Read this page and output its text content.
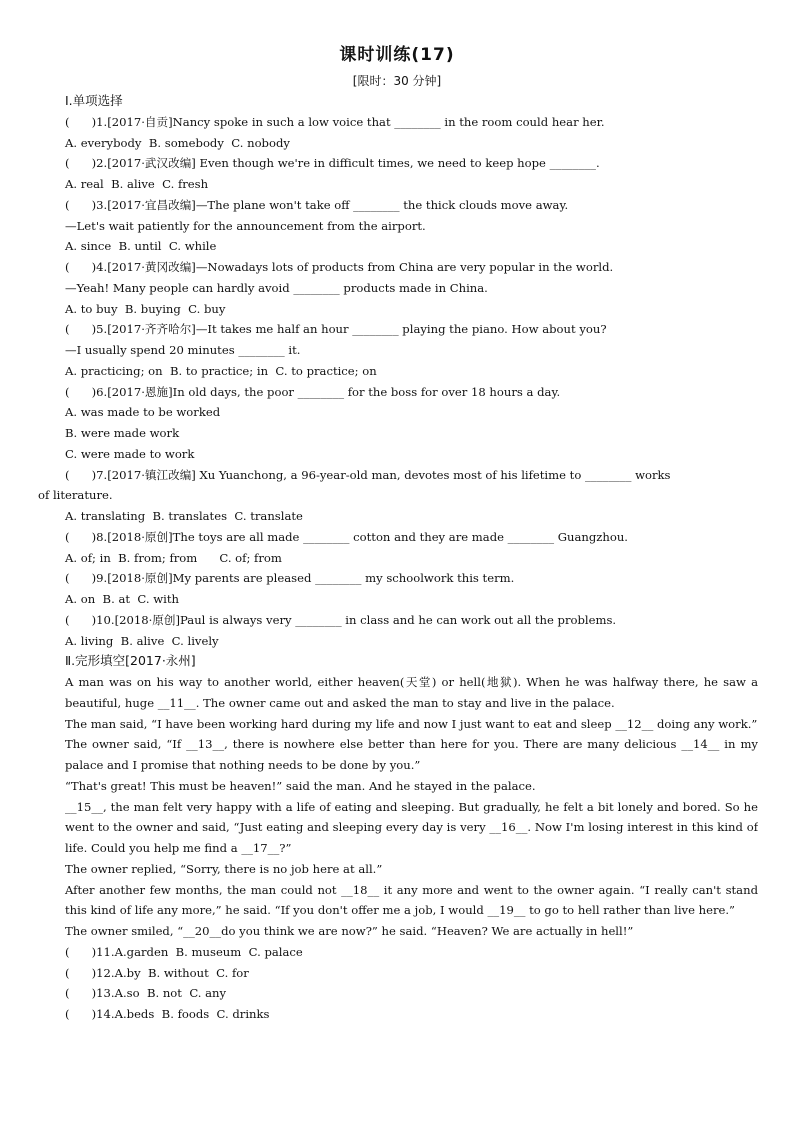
课时训练(17)
[限时：30 分钟]
Ⅰ.单项选择
(      )1.[2017·自贡]Nancy spoke in such a low voice that ________ in the room could hear her.
A. everybody  B. somebody  C. nobody
(      )2.[2017·武汉改编] Even though we're in difficult times, we need to keep hope ________.
A. real  B. alive  C. fresh
(      )3.[2017·宜昌改编]—The plane won't take off ________ the thick clouds move away.
—Let's wait patiently for the announcement from the airport.
A. since  B. until  C. while
(      )4.[2017·黄冈改编]—Nowadays lots of products from China are very popular in the world.
—Yeah! Many people can hardly avoid ________ products made in China.
A. to buy  B. buying  C. buy
(      )5.[2017·齐齐哈尔]—It takes me half an hour ________ playing the piano. How about you?
—I usually spend 20 minutes ________ it.
A. practicing; on  B. to practice; in  C. to practice; on
(      )6.[2017·恩施]In old days, the poor ________ for the boss for over 18 hours a day.
A. was made to be worked
B. were made work
C. were made to work
(      )7.[2017·镇江改编] Xu Yuanchong, a 96-year-old man, devotes most of his lifetime to ________ works
of literature.
A. translating  B. translates  C. translate
(      )8.[2018·原创]The toys are all made ________ cotton and they are made ________ Guangzhou.
A. of; in  B. from; from      C. of; from
(      )9.[2018·原创]My parents are pleased ________ my schoolwork this term.
A. on  B. at  C. with
(      )10.[2018·原创]Paul is always very ________ in class and he can work out all the problems.
A. living  B. alive  C. lively
Ⅱ.完形填空[2017·永州]
A man was on his way to another world, either heaven(天堂) or hell(地狱). When he was halfway there, he saw a beautiful, huge __11__. The owner came out and asked the man to stay and live in the palace.
The man said, “I have been working hard during my life and now I just want to eat and sleep __12__ doing any work.”
The owner said, “If __13__, there is nowhere else better than here for you. There are many delicious __14__ in my palace and I promise that nothing needs to be done by you.”
“That's great! This must be heaven!” said the man. And he stayed in the palace.
__15__, the man felt very happy with a life of eating and sleeping. But gradually, he felt a bit lonely and bored. So he went to the owner and said, “Just eating and sleeping every day is very __16__. Now I'm losing interest in this kind of life. Could you help me find a __17__?”
The owner replied, “Sorry, there is no job here at all.”
After another few months, the man could not __18__ it any more and went to the owner again. “I really can't stand this kind of life any more,” he said. “If you don't offer me a job, I would __19__ to go to hell rather than live here.”
The owner smiled, “__20__do you think we are now?” he said. “Heaven? We are actually in hell!”
(      )11.A.garden  B. museum  C. palace
(      )12.A.by  B. without  C. for
(      )13.A.so  B. not  C. any
(      )14.A.beds  B. foods  C. drinks
